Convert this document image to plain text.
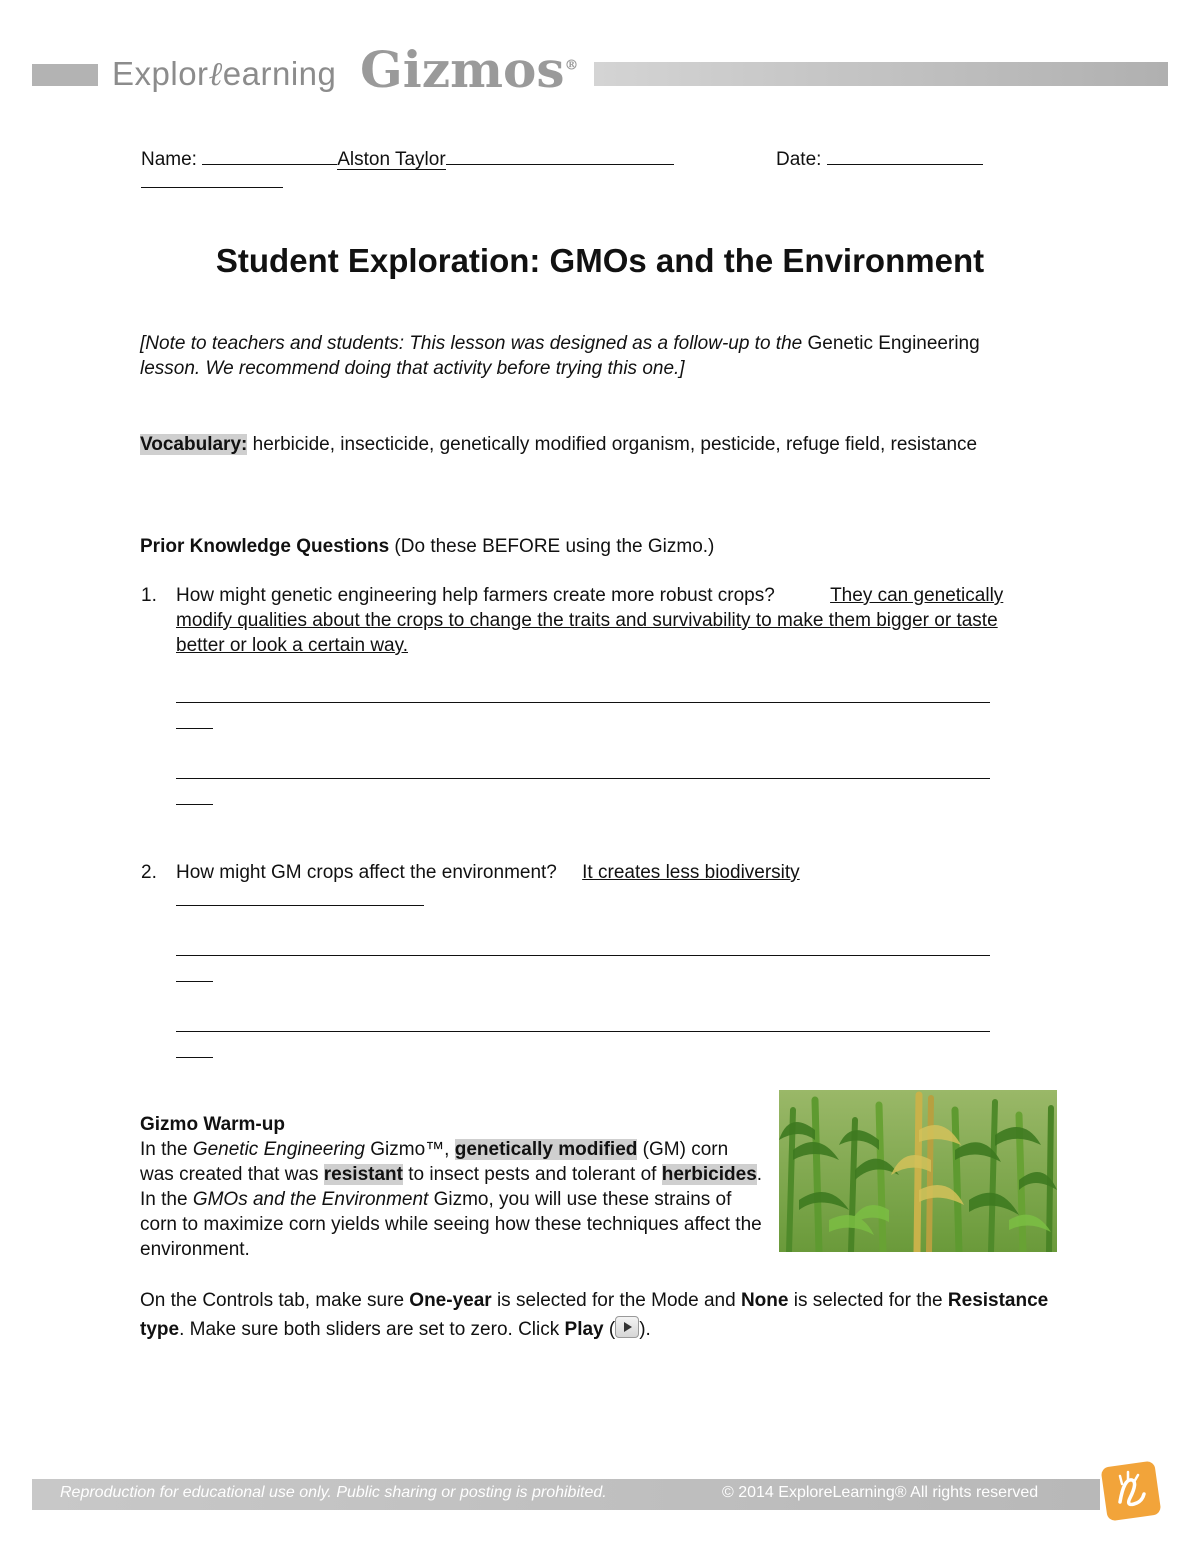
Explorℓearning Gizmos®
Name:	Alston Taylor	Date:
Student Exploration: GMOs and the Environment
[Note to teachers and students: This lesson was designed as a follow-up to the Genetic Engineering lesson. We recommend doing that activity before trying this one.]
Vocabulary: herbicide, insecticide, genetically modified organism, pesticide, refuge field, resistance
Prior Knowledge Questions (Do these BEFORE using the Gizmo.)
1. How might genetic engineering help farmers create more robust crops?	They can genetically modify qualities about the crops to change the traits and survivability to make them bigger or taste better or look a certain way.
2. How might GM crops affect the environment? It creates less biodiversity
Gizmo Warm-up
In the Genetic Engineering Gizmo™, genetically modified (GM) corn was created that was resistant to insect pests and tolerant of herbicides. In the GMOs and the Environment Gizmo, you will use these strains of corn to maximize corn yields while seeing how these techniques affect the environment.
On the Controls tab, make sure One-year is selected for the Mode and None is selected for the Resistance type. Make sure both sliders are set to zero. Click Play ( ).
Reproduction for educational use only. Public sharing or posting is prohibited.	© 2014 ExploreLearning® All rights reserved
